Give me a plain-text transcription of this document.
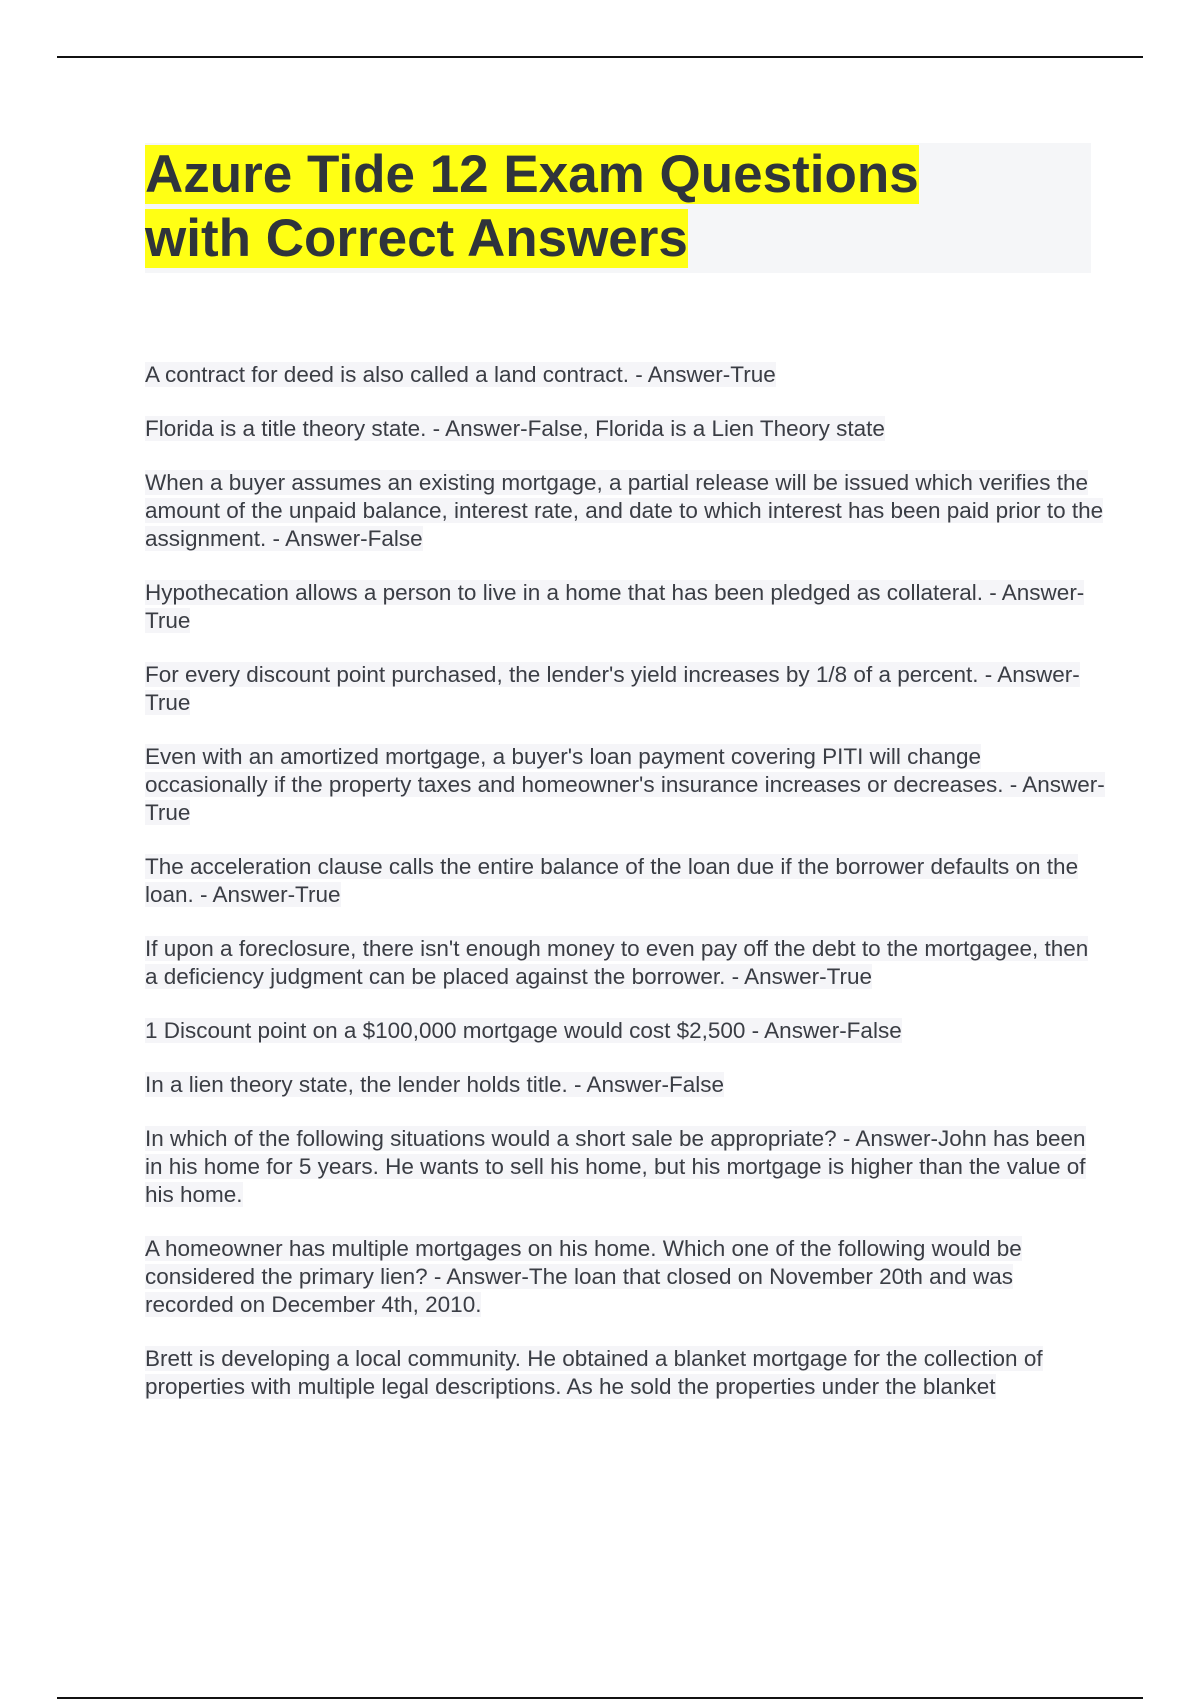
Azure Tide 12 Exam Questions
with Correct Answers

A contract for deed is also called a land contract. - Answer-True

Florida is a title theory state. - Answer-False, Florida is a Lien Theory state

When a buyer assumes an existing mortgage, a partial release will be issued which verifies the amount of the unpaid balance, interest rate, and date to which interest has been paid prior to the assignment. - Answer-False

Hypothecation allows a person to live in a home that has been pledged as collateral. - Answer-True

For every discount point purchased, the lender's yield increases by 1/8 of a percent. - Answer-True

Even with an amortized mortgage, a buyer's loan payment covering PITI will change occasionally if the property taxes and homeowner's insurance increases or decreases. - Answer-True

The acceleration clause calls the entire balance of the loan due if the borrower defaults on the loan. - Answer-True

If upon a foreclosure, there isn't enough money to even pay off the debt to the mortgagee, then a deficiency judgment can be placed against the borrower. - Answer-True

1 Discount point on a $100,000 mortgage would cost $2,500 - Answer-False

In a lien theory state, the lender holds title. - Answer-False

In which of the following situations would a short sale be appropriate? - Answer-John has been in his home for 5 years. He wants to sell his home, but his mortgage is higher than the value of his home.

A homeowner has multiple mortgages on his home. Which one of the following would be considered the primary lien? - Answer-The loan that closed on November 20th and was recorded on December 4th, 2010.

Brett is developing a local community. He obtained a blanket mortgage for the collection of properties with multiple legal descriptions. As he sold the properties under the blanket
